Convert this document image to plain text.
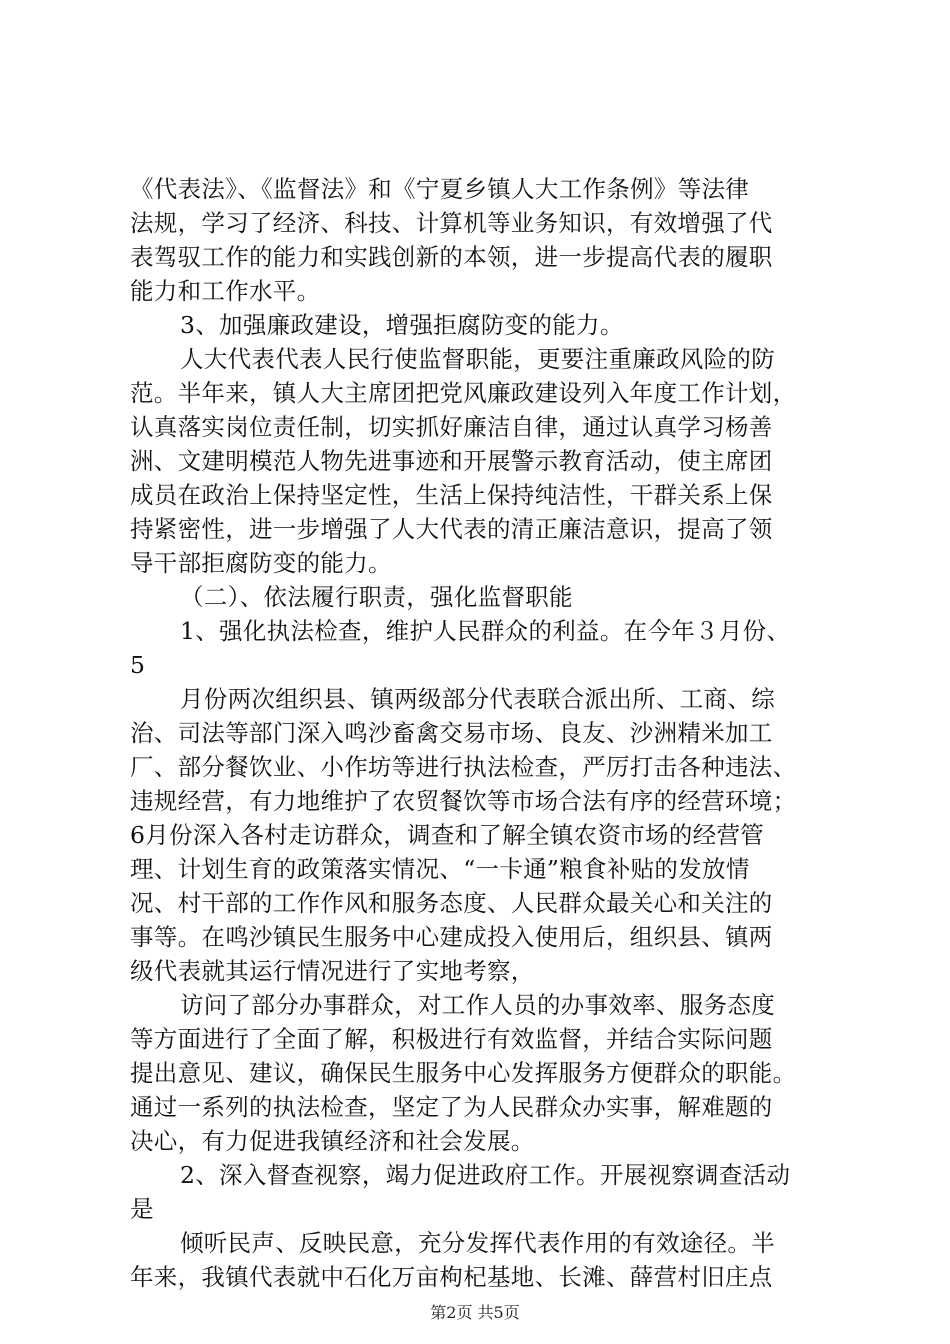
《代表法》、《监督法》和《宁夏乡镇人大工作条例》等法律
法规，学习了经济、科技、计算机等业务知识，有效增强了代
表驾驭工作的能力和实践创新的本领，进一步提高代表的履职
能力和工作水平。
3、加强廉政建设，增强拒腐防变的能力。
人大代表代表人民行使监督职能，更要注重廉政风险的防
范。半年来，镇人大主席团把党风廉政建设列入年度工作计划，
认真落实岗位责任制，切实抓好廉洁自律，通过认真学习杨善
洲、文建明模范人物先进事迹和开展警示教育活动，使主席团
成员在政治上保持坚定性，生活上保持纯洁性，干群关系上保
持紧密性，进一步增强了人大代表的清正廉洁意识，提高了领
导干部拒腐防变的能力。
（二）、依法履行职责，强化监督职能
1、强化执法检查，维护人民群众的利益。在今年３月份、
5
月份两次组织县、镇两级部分代表联合派出所、工商、综
治、司法等部门深入鸣沙畜禽交易市场、良友、沙洲精米加工
厂、部分餐饮业、小作坊等进行执法检查，严厉打击各种违法、
违规经营，有力地维护了农贸餐饮等市场合法有序的经营环境；
6月份深入各村走访群众，调查和了解全镇农资市场的经营管
理、计划生育的政策落实情况、“一卡通”粮食补贴的发放情
况、村干部的工作作风和服务态度、人民群众最关心和关注的
事等。在鸣沙镇民生服务中心建成投入使用后，组织县、镇两
级代表就其运行情况进行了实地考察，
访问了部分办事群众，对工作人员的办事效率、服务态度
等方面进行了全面了解，积极进行有效监督，并结合实际问题
提出意见、建议，确保民生服务中心发挥服务方便群众的职能。
通过一系列的执法检查，坚定了为人民群众办实事，解难题的
决心，有力促进我镇经济和社会发展。
2、深入督查视察，竭力促进政府工作。开展视察调查活动
是
倾听民声、反映民意，充分发挥代表作用的有效途径。半
年来，我镇代表就中石化万亩枸杞基地、长滩、薛营村旧庄点
第2页 共5页
